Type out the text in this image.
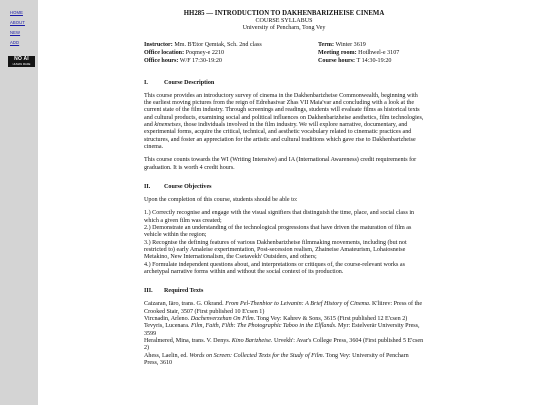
HOME
ABOUT
NEW
ADD
NO AI
HUMAN MADE
HH285 — INTRODUCTION TO DAKHENBARIZHEISE CINEMA
COURSE SYLLABUS
University of Pencharn, Tong Vey
Instructor: Mm. B'Etor Qemtak, Sch. 2nd class
Office location: Poqmey-e 2210
Office hours: W/F 17:30-19:20
Term: Winter 3619
Meeting room: Hotlhwel-e 3107
Course hours: T 14:30-19:20
I.	Course Description

This course provides an introductory survey of cinema in the Dakhenbarizheise Commonwealth, beginning with the earliest moving pictures from the reign of Edrehasivar Zhas VII Maia'var and concluding with a look at the current state of the film industry. Through screenings and readings, students will evaluate films as historical texts and cultural products, examining social and political influences on Dakhenbarizheise aesthetics, film technologies, and kinemetses, those individuals involved in the film industry. We will explore narrative, documentary, and experimental forms, acquire the critical, technical, and aesthetic vocabulary related to cinematic practices and structures, and foster an appreciation for the artistic and cultural traditions which gave rise to Dakhenbarizheise cinema.

This course counts towards the WI (Writing Intensive) and IA (International Awareness) credit requirements for graduation. It is worth 4 credit hours.

II. Course Objectives

Upon the completion of this course, students should be able to:

1.) Correctly recognise and engage with the visual signifiers that distinguish the time, place, and social class in which a given film was created;
2.) Demonstrate an understanding of the technological progressions that have driven the maturation of film as vehicle within the region;
3.) Recognise the defining features of various Dakhenbarizheise filmmaking movements, including (but not restricted to) early Amaleise experimentation, Post-secession realism, Zhaineise Amateurism, Lohaiosneise Metakino, New Internationalism, the Csetavekh' Outsiders, and others;
4.) Formulate independent questions about, and interpretations or critiques of, the course-relevant works as archetypal narrative forms within and without the social context of its production.
III. Required Texts
Caizaran, Iäro, trans. G. Okrand. From Pel-Thenbior to Leivanin: A Brief History of Cinema. K'liirev: Press of the Crooked Stair, 3507 (First published 10 E'csen 1)
Vircnadin, Arleno. Dachenverzehan On Film. Tong Vey: Kahrev & Sons, 3615 (First published 12 E'csen 2)
Tevyris, Lucenara. Film, Faith, Filth: The Photographic Taboo in the Elflands. Myr: Estelverär University Press, 3599
Heralmered, Mina, trans. V. Denys. Kino Barizheise. Urvekh': Avar's College Press, 3604 (First published 5 E'csen 2)
Ahess, Laelin, ed. Words on Screen: Collected Texts for the Study of Film. Tong Vey: University of Pencharn Press, 3610
